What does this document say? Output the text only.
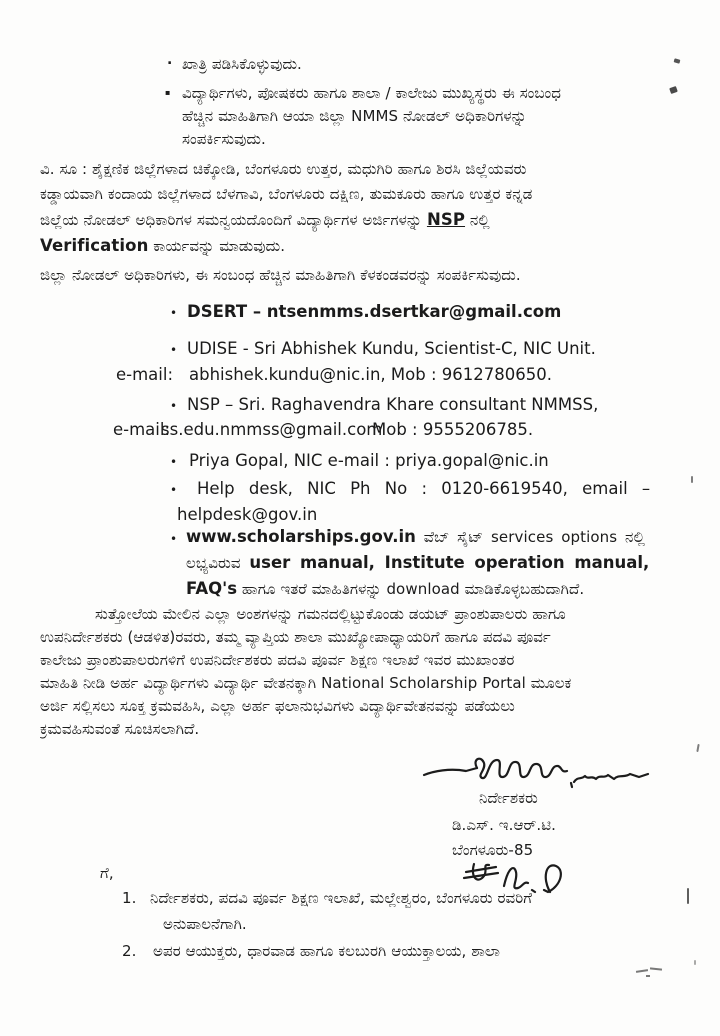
. ಖಾತ್ರಿ ಪಡಿಸಿಕೊಳ್ಳುವುದು.
▪ ವಿದ್ಯಾರ್ಥಿಗಳು, ಪೋಷಕರು ಹಾಗೂ ಶಾಲಾ / ಕಾಲೇಜು ಮುಖ್ಯಸ್ಥರು ಈ ಸಂಬಂಧ
ಹೆಚ್ಚಿನ ಮಾಹಿತಿಗಾಗಿ ಆಯಾ ಜಿಲ್ಲಾ NMMS ನೋಡಲ್ ಅಧಿಕಾರಿಗಳನ್ನು
ಸಂಪರ್ಕಿಸುವುದು.
ವಿ. ಸೂ : ಶೈಕ್ಷಣಿಕ ಜಿಲ್ಲೆಗಳಾದ ಚಿಕ್ಕೋಡಿ, ಬೆಂಗಳೂರು ಉತ್ತರ, ಮಧುಗಿರಿ ಹಾಗೂ ಶಿರಸಿ ಜಿಲ್ಲೆಯವರು
ಕಡ್ಡಾಯವಾಗಿ ಕಂದಾಯ ಜಿಲ್ಲೆಗಳಾದ ಬೆಳಗಾವಿ, ಬೆಂಗಳೂರು ದಕ್ಷಿಣ, ತುಮಕೂರು ಹಾಗೂ ಉತ್ತರ ಕನ್ನಡ
ಜಿಲ್ಲೆಯ ನೋಡಲ್ ಅಧಿಕಾರಿಗಳ ಸಮನ್ವಯದೊಂದಿಗೆ ವಿದ್ಯಾರ್ಥಿಗಳ ಅರ್ಜಿಗಳನ್ನು NSP ನಲ್ಲಿ
Verification ಕಾರ್ಯವನ್ನು ಮಾಡುವುದು.
ಜಿಲ್ಲಾ ನೋಡಲ್ ಅಧಿಕಾರಿಗಳು, ಈ ಸಂಬಂಧ ಹೆಚ್ಚಿನ ಮಾಹಿತಿಗಾಗಿ ಕೆಳಕಂಡವರನ್ನು ಸಂಪರ್ಕಿಸುವುದು.
• DSERT – ntsenmms.dsertkar@gmail.com
• UDISE - Sri Abhishek Kundu, Scientist-C, NIC Unit.
e-mail: abhishek.kundu@nic.in, Mob : 9612780650.
• NSP – Sri. Raghavendra Khare consultant NMMSS,
e-mail:
ss.edu.nmmss@gmail.com
Mob : 9555206785.
• Priya Gopal, NIC e-mail : priya.gopal@nic.in
• Help desk, NIC Ph No : 0120-6619540, email –
helpdesk@gov.in
• www.scholarships.gov.in ವೆಬ್ ಸೈಟ್ services options ನಲ್ಲಿ
ಲಭ್ಯವಿರುವ user manual, Institute operation manual,
FAQ's ಹಾಗೂ ಇತರೆ ಮಾಹಿತಿಗಳನ್ನು download ಮಾಡಿಕೊಳ್ಳಬಹುದಾಗಿದೆ.
ಸುತ್ತೋಲೆಯ ಮೇಲಿನ ಎಲ್ಲಾ ಅಂಶಗಳನ್ನು ಗಮನದಲ್ಲಿಟ್ಟುಕೊಂಡು ಡಯಟ್ ಪ್ರಾಂಶುಪಾಲರು ಹಾಗೂ
ಉಪನಿರ್ದೇಶಕರು (ಆಡಳಿತ)ರವರು, ತಮ್ಮ ವ್ಯಾಪ್ತಿಯ ಶಾಲಾ ಮುಖ್ಯೋಪಾಧ್ಯಾಯರಿಗೆ ಹಾಗೂ ಪದವಿ ಪೂರ್ವ
ಕಾಲೇಜು ಪ್ರಾಂಶುಪಾಲರುಗಳಿಗೆ ಉಪನಿರ್ದೇಶಕರು ಪದವಿ ಪೂರ್ವ ಶಿಕ್ಷಣ ಇಲಾಖೆ ಇವರ ಮುಖಾಂತರ
ಮಾಹಿತಿ ನೀಡಿ ಅರ್ಹ ವಿದ್ಯಾರ್ಥಿಗಳು ವಿದ್ಯಾರ್ಥಿ ವೇತನಕ್ಕಾಗಿ National Scholarship Portal ಮೂಲಕ
ಅರ್ಜಿ ಸಲ್ಲಿಸಲು ಸೂಕ್ತ ಕ್ರಮವಹಿಸಿ, ಎಲ್ಲಾ ಅರ್ಹ ಫಲಾನುಭವಿಗಳು ವಿದ್ಯಾರ್ಥಿವೇತನವನ್ನು ಪಡೆಯಲು
ಕ್ರಮವಹಿಸುವಂತೆ ಸೂಚಿಸಲಾಗಿದೆ.
ನಿರ್ದೇಶಕರು
ಡಿ.ಎಸ್. ಇ.ಆರ್.ಟಿ.
ಬೆಂಗಳೂರು-85
ಗೆ,
1. ನಿರ್ದೇಶಕರು, ಪದವಿ ಪೂರ್ವ ಶಿಕ್ಷಣ ಇಲಾಖೆ, ಮಲ್ಲೇಶ್ವರಂ, ಬೆಂಗಳೂರು ರವರಿಗೆ
ಅನುಪಾಲನೆಗಾಗಿ.
2. ಅಪರ ಆಯುಕ್ತರು, ಧಾರವಾಡ ಹಾಗೂ ಕಲಬುರಗಿ ಆಯುಕ್ತಾಲಯ, ಶಾಲಾ
